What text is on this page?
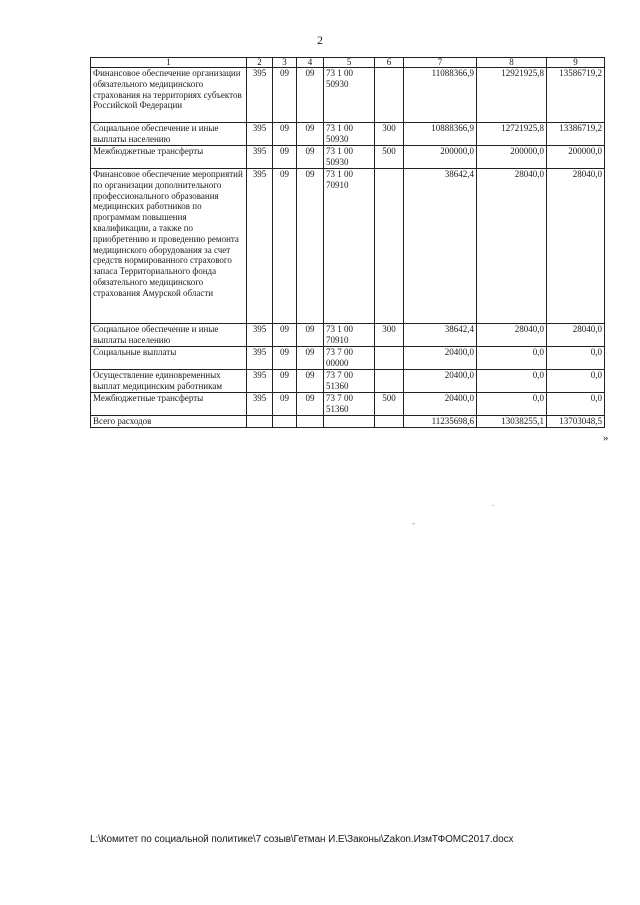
2
1	2	3	4	5	6	7	8	9
Финансовое обеспечение организации обязательного медицинского страхования на территориях субъектов Российской Федерации	395	09	09	73 1 00 50930		11088366,9	12921925,8	13586719,2
Социальное обеспечение и иные выплаты населению	395	09	09	73 1 00 50930	300	10888366,9	12721925,8	13386719,2
Межбюджетные трансферты	395	09	09	73 1 00 50930	500	200000,0	200000,0	200000,0
Финансовое обеспечение мероприятий по организации дополнительного профессионального образования медицинских работников по программам повышения квалификации, а также по приобретению и проведению ремонта медицинского оборудования за счет средств нормированного страхового запаса Территориального фонда обязательного медицинского страхования Амурской области	395	09	09	73 1 00 70910		38642,4	28040,0	28040,0
Социальное обеспечение и иные выплаты населению	395	09	09	73 1 00 70910	300	38642,4	28040,0	28040,0
Социальные выплаты	395	09	09	73 7 00 00000		20400,0	0,0	0,0
Осуществление единовременных выплат медицинским работникам	395	09	09	73 7 00 51360		20400,0	0,0	0,0
Межбюджетные трансферты	395	09	09	73 7 00 51360	500	20400,0	0,0	0,0
Всего расходов						11235698,6	13038255,1	13703048,5
»
.
-
L:\Комитет по социальной политике\7 созыв\Гетман И.Е\Законы\Zakon.ИзмТФОМС2017.docx
